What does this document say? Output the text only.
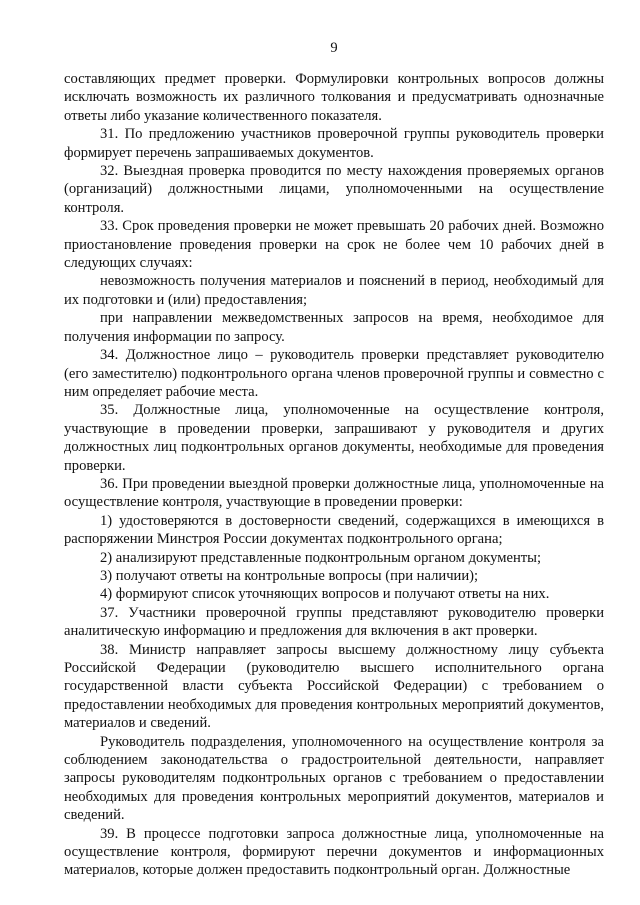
9

составляющих предмет проверки. Формулировки контрольных вопросов должны исключать возможность их различного толкования и предусматривать однозначные ответы либо указание количественного показателя.

31. По предложению участников проверочной группы руководитель проверки формирует перечень запрашиваемых документов.

32. Выездная проверка проводится по месту нахождения проверяемых органов (организаций) должностными лицами, уполномоченными на осуществление контроля.

33. Срок проведения проверки не может превышать 20 рабочих дней. Возможно приостановление проведения проверки на срок не более чем 10 рабочих дней в следующих случаях:

невозможность получения материалов и пояснений в период, необходимый для их подготовки и (или) предоставления;

при направлении межведомственных запросов на время, необходимое для получения информации по запросу.

34. Должностное лицо – руководитель проверки представляет руководителю (его заместителю) подконтрольного органа членов проверочной группы и совместно с ним определяет рабочие места.

35. Должностные лица, уполномоченные на осуществление контроля, участвующие в проведении проверки, запрашивают у руководителя и других должностных лиц подконтрольных органов документы, необходимые для проведения проверки.

36. При проведении выездной проверки должностные лица, уполномоченные на осуществление контроля, участвующие в проведении проверки:

1) удостоверяются в достоверности сведений, содержащихся в имеющихся в распоряжении Минстроя России документах подконтрольного органа;

2) анализируют представленные подконтрольным органом документы;

3) получают ответы на контрольные вопросы (при наличии);

4) формируют список уточняющих вопросов и получают ответы на них.

37. Участники проверочной группы представляют руководителю проверки аналитическую информацию и предложения для включения в акт проверки.

38. Министр направляет запросы высшему должностному лицу субъекта Российской Федерации (руководителю высшего исполнительного органа государственной власти субъекта Российской Федерации) с требованием о предоставлении необходимых для проведения контрольных мероприятий документов, материалов и сведений.

Руководитель подразделения, уполномоченного на осуществление контроля за соблюдением законодательства о градостроительной деятельности, направляет запросы руководителям подконтрольных органов с требованием о предоставлении необходимых для проведения контрольных мероприятий документов, материалов и сведений.

39. В процессе подготовки запроса должностные лица, уполномоченные на осуществление контроля, формируют перечни документов и информационных материалов, которые должен предоставить подконтрольный орган. Должностные
